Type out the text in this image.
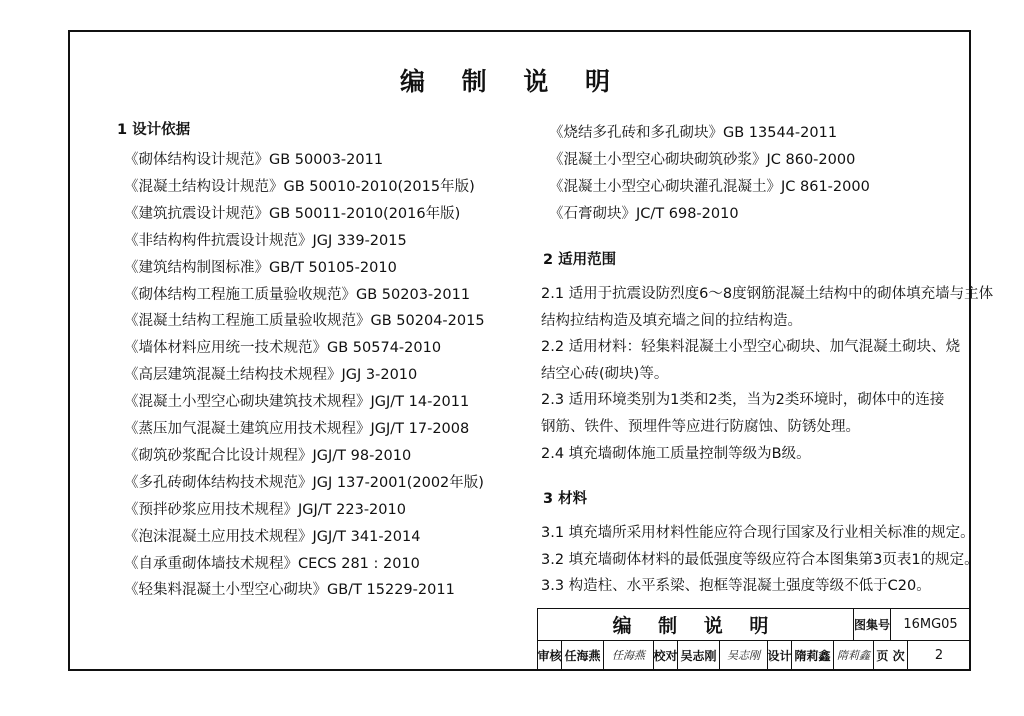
编 制 说 明
1 设计依据
《砌体结构设计规范》GB 50003-2011
《混凝土结构设计规范》GB 50010-2010(2015年版)
《建筑抗震设计规范》GB 50011-2010(2016年版)
《非结构构件抗震设计规范》JGJ 339-2015
《建筑结构制图标准》GB/T 50105-2010
《砌体结构工程施工质量验收规范》GB 50203-2011
《混凝土结构工程施工质量验收规范》GB 50204-2015
《墙体材料应用统一技术规范》GB 50574-2010
《高层建筑混凝土结构技术规程》JGJ 3-2010
《混凝土小型空心砌块建筑技术规程》JGJ/T 14-2011
《蒸压加气混凝土建筑应用技术规程》JGJ/T 17-2008
《砌筑砂浆配合比设计规程》JGJ/T 98-2010
《多孔砖砌体结构技术规范》JGJ 137-2001(2002年版)
《预拌砂浆应用技术规程》JGJ/T 223-2010
《泡沫混凝土应用技术规程》JGJ/T 341-2014
《自承重砌体墙技术规程》CECS 281 : 2010
《轻集料混凝土小型空心砌块》GB/T 15229-2011
《烧结多孔砖和多孔砌块》GB 13544-2011
《混凝土小型空心砌块砌筑砂浆》JC 860-2000
《混凝土小型空心砌块灌孔混凝土》JC 861-2000
《石膏砌块》JC/T 698-2010
2 适用范围
2.1 适用于抗震设防烈度6～8度钢筋混凝土结构中的砌体填充墙与主体
结构拉结构造及填充墙之间的拉结构造。
2.2 适用材料：轻集料混凝土小型空心砌块、加气混凝土砌块、烧
结空心砖(砌块)等。
2.3 适用环境类别为1类和2类，当为2类环境时，砌体中的连接
钢筋、铁件、预埋件等应进行防腐蚀、防锈处理。
2.4 填充墙砌体施工质量控制等级为B级。
3 材料
3.1 填充墙所采用材料性能应符合现行国家及行业相关标准的规定。
3.2 填充墙砌体材料的最低强度等级应符合本图集第3页表1的规定。
3.3 构造柱、水平系梁、抱框等混凝土强度等级不低于C20。
编 制 说 明	图集号	16MG05
审核 任海燕	任海燕 校对 吴志刚 吴志刚 设计 隋莉鑫 隋莉鑫 页 次	2
